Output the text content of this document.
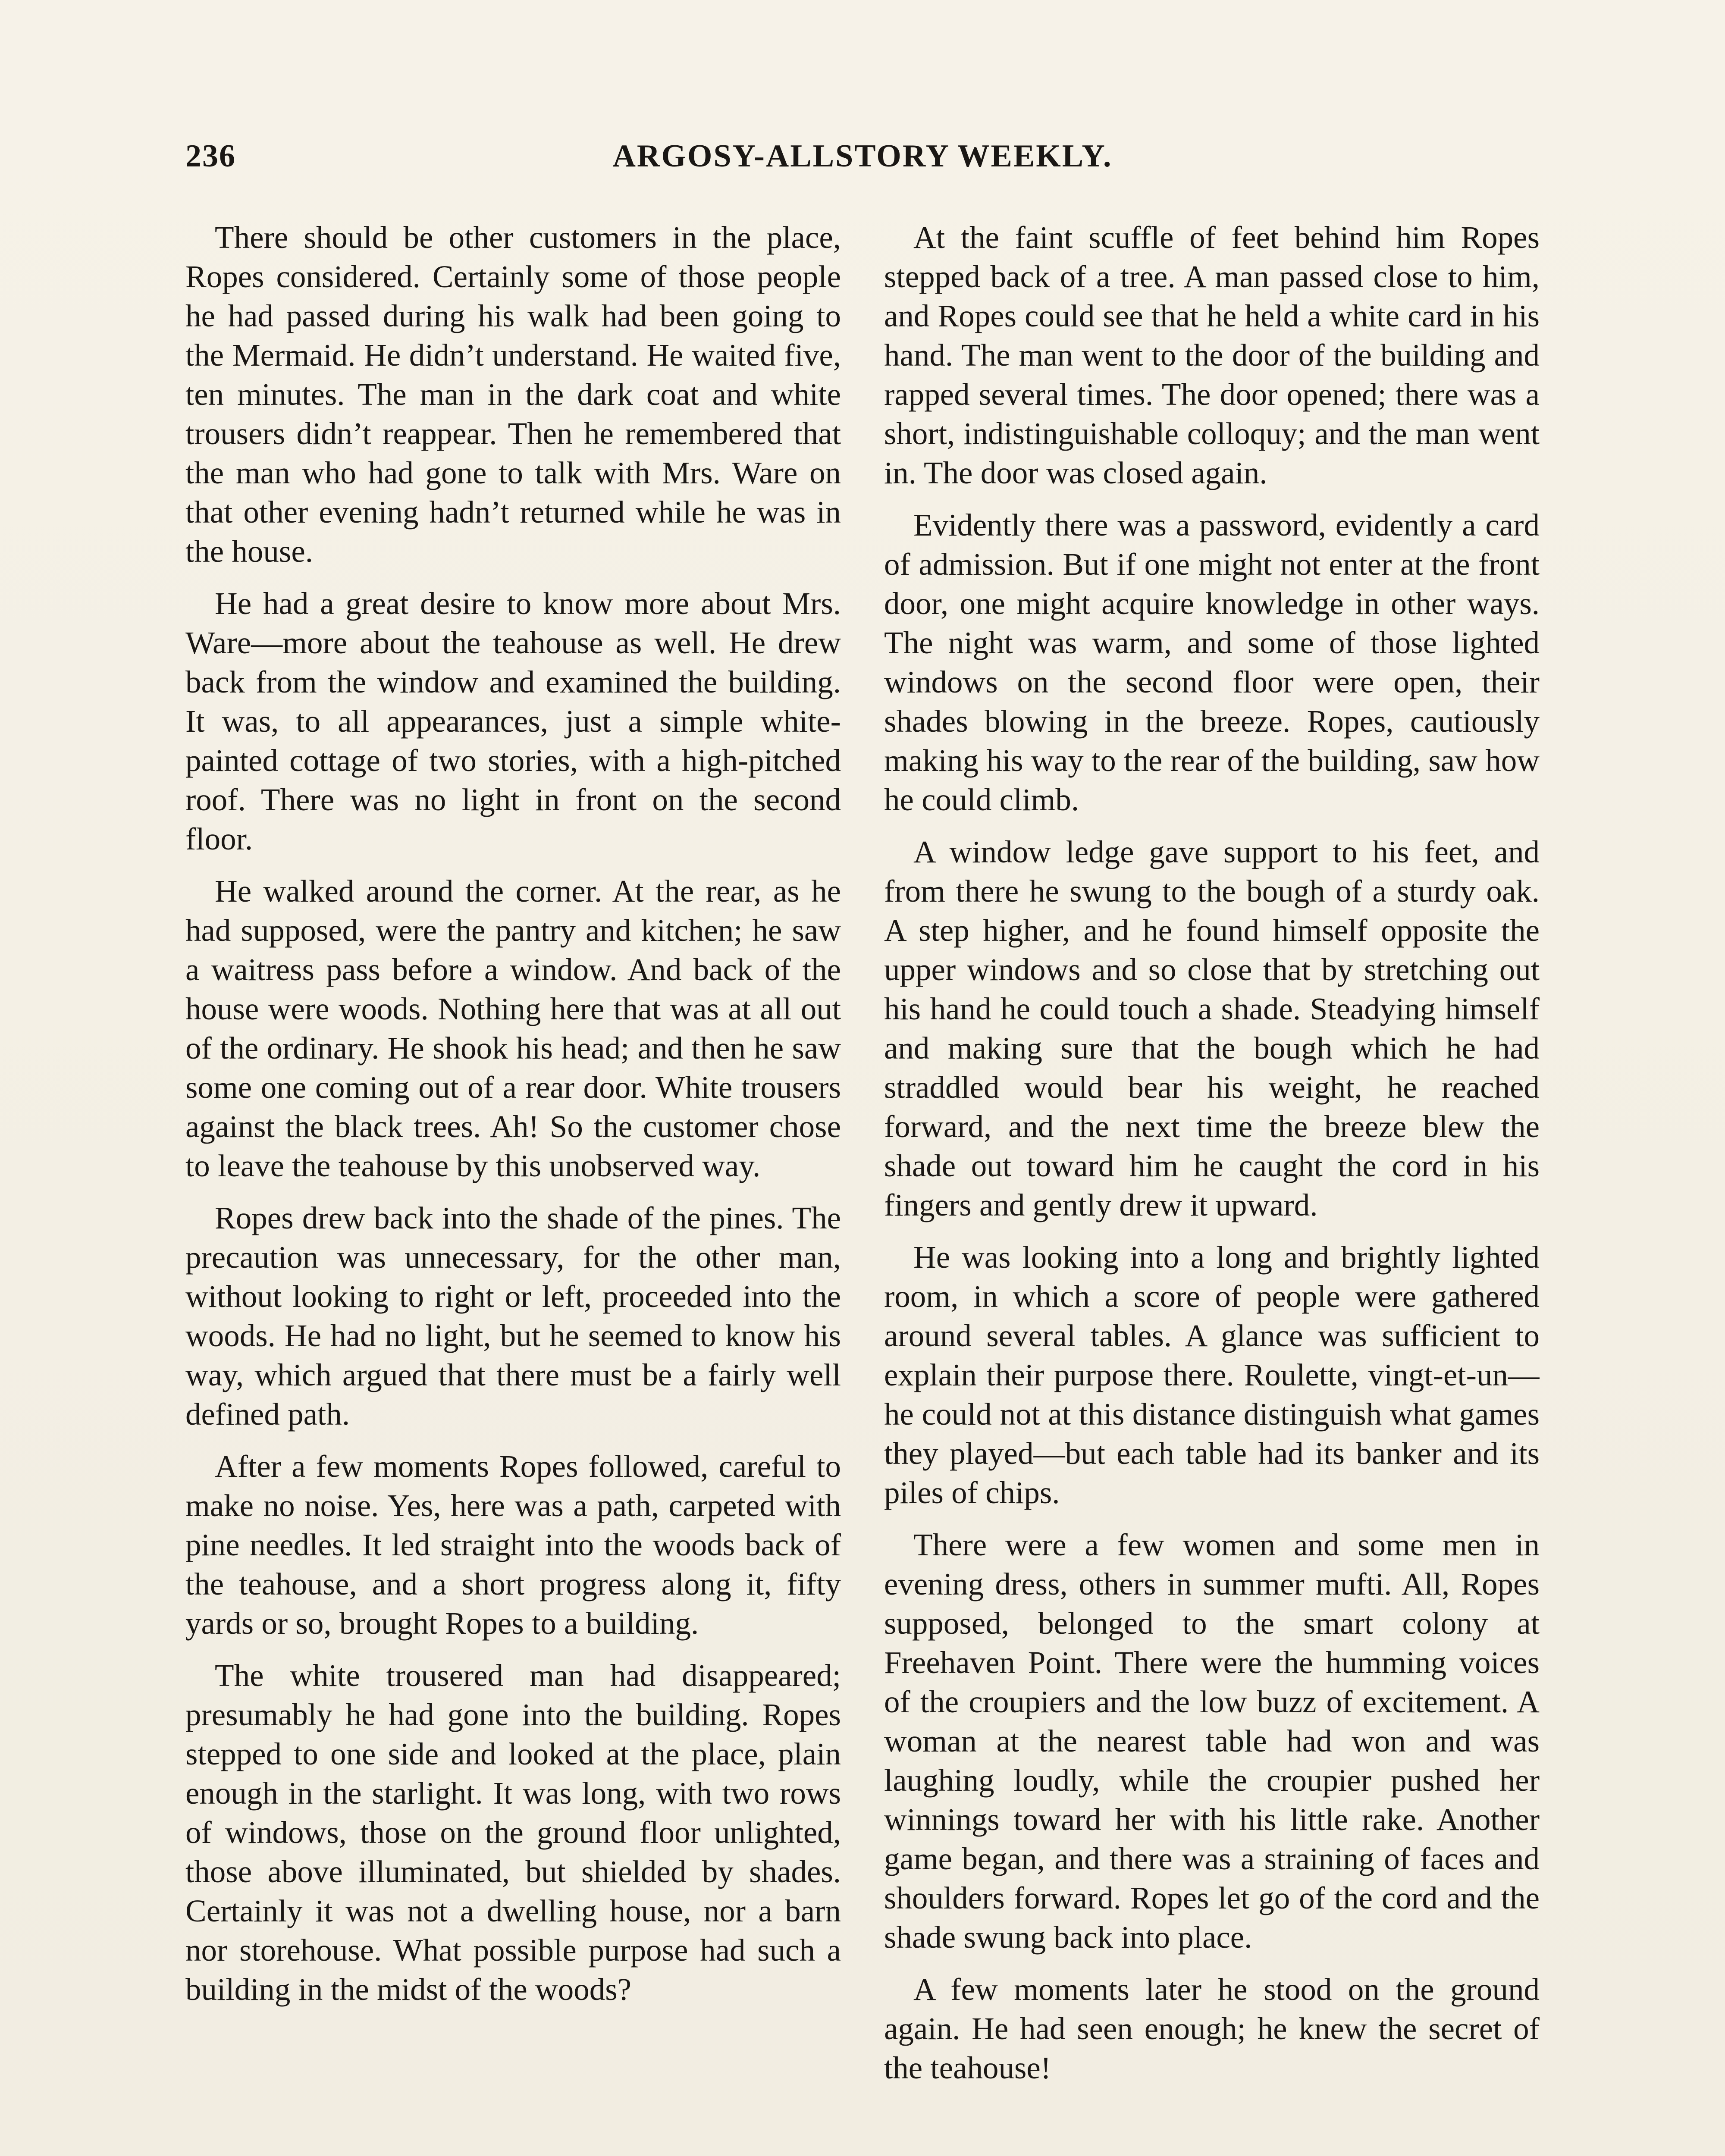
236	ARGOSY-ALLSTORY WEEKLY.

There should be other customers in the place, Ropes considered. Certainly some of those people he had passed during his walk had been going to the Mermaid. He didn’t understand. He waited five, ten minutes. The man in the dark coat and white trousers didn’t reappear. Then he remembered that the man who had gone to talk with Mrs. Ware on that other evening hadn’t returned while he was in the house.

He had a great desire to know more about Mrs. Ware—more about the teahouse as well. He drew back from the window and examined the building. It was, to all appearances, just a simple white-painted cottage of two stories, with a high-pitched roof. There was no light in front on the second floor.

He walked around the corner. At the rear, as he had supposed, were the pantry and kitchen; he saw a waitress pass before a window. And back of the house were woods. Nothing here that was at all out of the ordinary. He shook his head; and then he saw some one coming out of a rear door. White trousers against the black trees. Ah! So the customer chose to leave the teahouse by this unobserved way.

Ropes drew back into the shade of the pines. The precaution was unnecessary, for the other man, without looking to right or left, proceeded into the woods. He had no light, but he seemed to know his way, which argued that there must be a fairly well defined path.

After a few moments Ropes followed, careful to make no noise. Yes, here was a path, carpeted with pine needles. It led straight into the woods back of the teahouse, and a short progress along it, fifty yards or so, brought Ropes to a building.

The white trousered man had disappeared; presumably he had gone into the building. Ropes stepped to one side and looked at the place, plain enough in the starlight. It was long, with two rows of windows, those on the ground floor unlighted, those above illuminated, but shielded by shades. Certainly it was not a dwelling house, nor a barn nor storehouse. What possible purpose had such a building in the midst of the woods?

At the faint scuffle of feet behind him Ropes stepped back of a tree. A man passed close to him, and Ropes could see that he held a white card in his hand. The man went to the door of the building and rapped several times. The door opened; there was a short, indistinguishable colloquy; and the man went in. The door was closed again.

Evidently there was a password, evidently a card of admission. But if one might not enter at the front door, one might acquire knowledge in other ways. The night was warm, and some of those lighted windows on the second floor were open, their shades blowing in the breeze. Ropes, cautiously making his way to the rear of the building, saw how he could climb.

A window ledge gave support to his feet, and from there he swung to the bough of a sturdy oak. A step higher, and he found himself opposite the upper windows and so close that by stretching out his hand he could touch a shade. Steadying himself and making sure that the bough which he had straddled would bear his weight, he reached forward, and the next time the breeze blew the shade out toward him he caught the cord in his fingers and gently drew it upward.

He was looking into a long and brightly lighted room, in which a score of people were gathered around several tables. A glance was sufficient to explain their purpose there. Roulette, vingt-et-un—he could not at this distance distinguish what games they played—but each table had its banker and its piles of chips.

There were a few women and some men in evening dress, others in summer mufti. All, Ropes supposed, belonged to the smart colony at Freehaven Point. There were the humming voices of the croupiers and the low buzz of excitement. A woman at the nearest table had won and was laughing loudly, while the croupier pushed her winnings toward her with his little rake. Another game began, and there was a straining of faces and shoulders forward. Ropes let go of the cord and the shade swung back into place.

A few moments later he stood on the ground again. He had seen enough; he knew the secret of the teahouse!
